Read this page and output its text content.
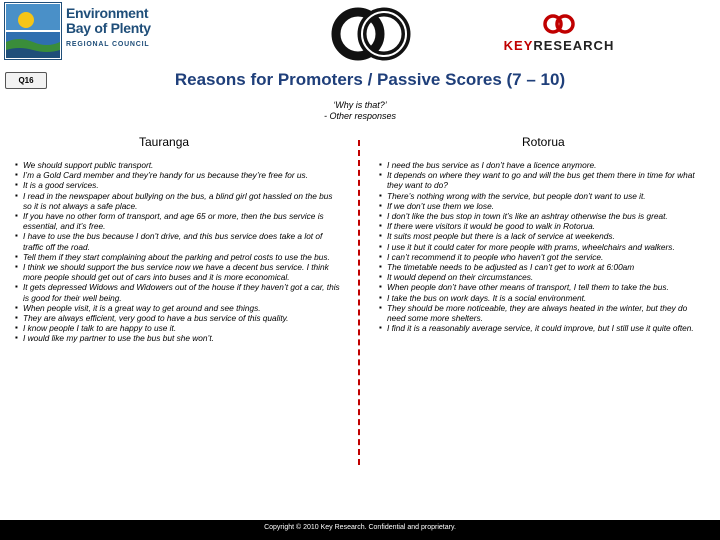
Environment
Bay of Plenty
REGIONAL COUNCIL	KEYRESEARCH
Q16	Reasons for Promoters / Passive Scores (7 – 10)
‘Why is that?’
- Other responses
Tauranga	Rotorua
▪ We should support public transport.
▪ I’m a Gold Card member and they’re handy for us because they’re free for us.
▪ It is a good services.
▪ I read in the newspaper about bullying on the bus, a blind girl got hassled on the bus so it is not always a safe place.
▪ If you have no other form of transport, and age 65 or more, then the bus service is essential, and it’s free.
▪ I have to use the bus because I don’t drive, and this bus service does take a lot of traffic off the road.
▪ Tell them if they start complaining about the parking and petrol costs to use the bus.
▪ I think we should support the bus service now we have a decent bus service. I think more people should get out of cars into buses and it is more economical.
▪ It gets depressed Widows and Widowers out of the house if they haven’t got a car, this is good for their well being.
▪ When people visit, it is a great way to get around and see things.
▪ They are always efficient, very good to have a bus service of this quality.
▪ I know people I talk to are happy to use it.
▪ I would like my partner to use the bus but she won’t.
▪ I need the bus service as I don’t have a licence anymore.
▪ It depends on where they want to go and will the bus get them there in time for what they want to do?
▪ There’s nothing wrong with the service, but people don’t want to use it.
▪ If we don’t use them we lose.
▪ I don’t like the bus stop in town it’s like an ashtray otherwise the bus is great.
▪ If there were visitors it would be good to walk in Rotorua.
▪ It suits most people but there is a lack of service at weekends.
▪ I use it but it could cater for more people with prams, wheelchairs and walkers.
▪ I can’t recommend it to people who haven’t got the service.
▪ The timetable needs to be adjusted as I can’t get to work at 6:00am
▪ It would depend on their circumstances.
▪ When people don’t have other means of transport, I tell them to take the bus.
▪ I take the bus on work days. It is a social environment.
▪ They should be more noticeable, they are always heated in the winter, but they do need some more shelters.
▪ I find it is a reasonably average service, it could improve, but I still use it quite often.
Copyright © 2010 Key Research. Confidential and proprietary.
